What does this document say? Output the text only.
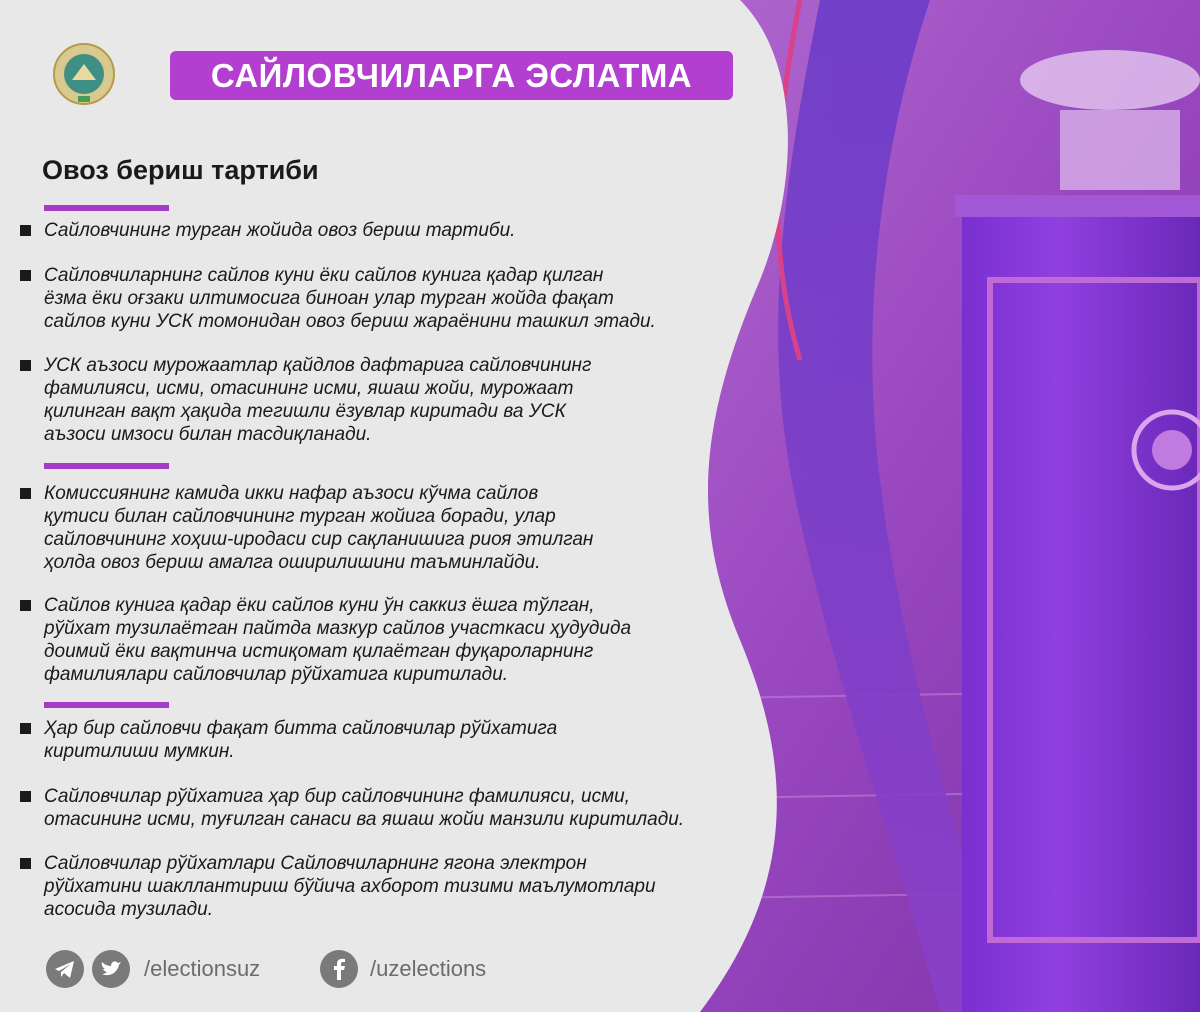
САЙЛОВЧИЛАРГА ЭСЛАТМА
Овоз бериш тартиби
Сайловчининг турган жойида овоз бериш тартиби.
Сайловчиларнинг сайлов куни ёки сайлов кунига қадар қилган
ёзма ёки оғзаки илтимосига биноан улар турган жойда фақат
сайлов куни УСК томонидан овоз бериш жараёнини ташкил этади.
УСК аъзоси мурожаатлар қайдлов дафтарига сайловчининг
фамилияси, исми, отасининг исми, яшаш жойи, мурожаат
қилинган вақт ҳақида тегишли ёзувлар киритади ва УСК
аъзоси имзоси билан тасдиқланади.
Комиссиянинг камида икки нафар аъзоси кўчма сайлов
қутиси билан сайловчининг турган жойига боради, улар
сайловчининг хоҳиш-иродаси сир сақланишига риоя этилган
ҳолда овоз бериш амалга оширилишини таъминлайди.
Сайлов кунига қадар ёки сайлов куни ўн саккиз ёшга тўлган,
рўйхат тузилаётган пайтда мазкур сайлов участкаси ҳудудида
доимий ёки вақтинча истиқомат қилаётган фуқароларнинг
фамилиялари сайловчилар рўйхатига киритилади.
Ҳар бир сайловчи фақат битта сайловчилар рўйхатига
киритилиши мумкин.
Сайловчилар рўйхатига ҳар бир сайловчининг фамилияси, исми,
отасининг исми, туғилган санаси ва яшаш жойи манзили киритилади.
Сайловчилар рўйхатлари Сайловчиларнинг ягона электрон
рўйхатини шакллантириш бўйича ахборот тизими маълумотлари
асосида тузилади.
/electionsuz	/uzelections
